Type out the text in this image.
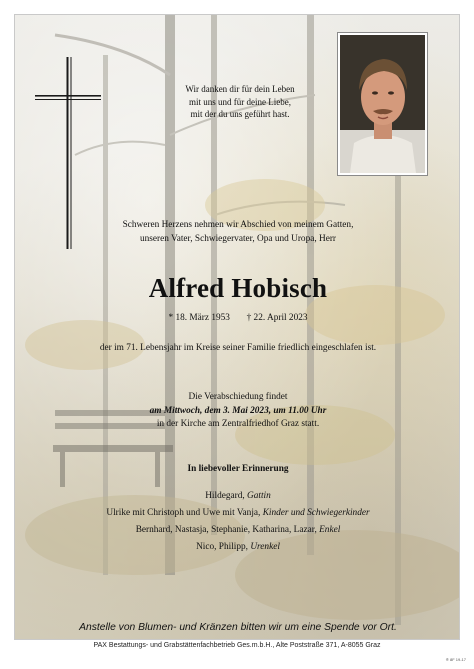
Wir danken dir für dein Leben
mit uns und für deine Liebe,
mit der du uns geführt hast.
Schweren Herzens nehmen wir Abschied von meinem Gatten,
unseren Vater, Schwiegervater, Opa und Uropa, Herr
Alfred Hobisch
* 18. März 1953 † 22. April 2023
der im 71. Lebensjahr im Kreise seiner Familie friedlich eingeschlafen ist.
Die Verabschiedung findet
am Mittwoch, dem 3. Mai 2023, um 11.00 Uhr
in der Kirche am Zentralfriedhof Graz statt.
In liebevoller Erinnerung
Hildegard, Gattin
Ulrike mit Christoph und Uwe mit Vanja, Kinder und Schwiegerkinder
Bernhard, Nastasja, Stephanie, Katharina, Lazar, Enkel
Nico, Philipp, Urenkel
Anstelle von Blumen- und Kränzen bitten wir um eine Spende vor Ort.
PAX Bestattungs- und Grabstättenfachbetrieb Ges.m.b.H., Alte Poststraße 371, A-8055 Graz
® 8F 19-17
